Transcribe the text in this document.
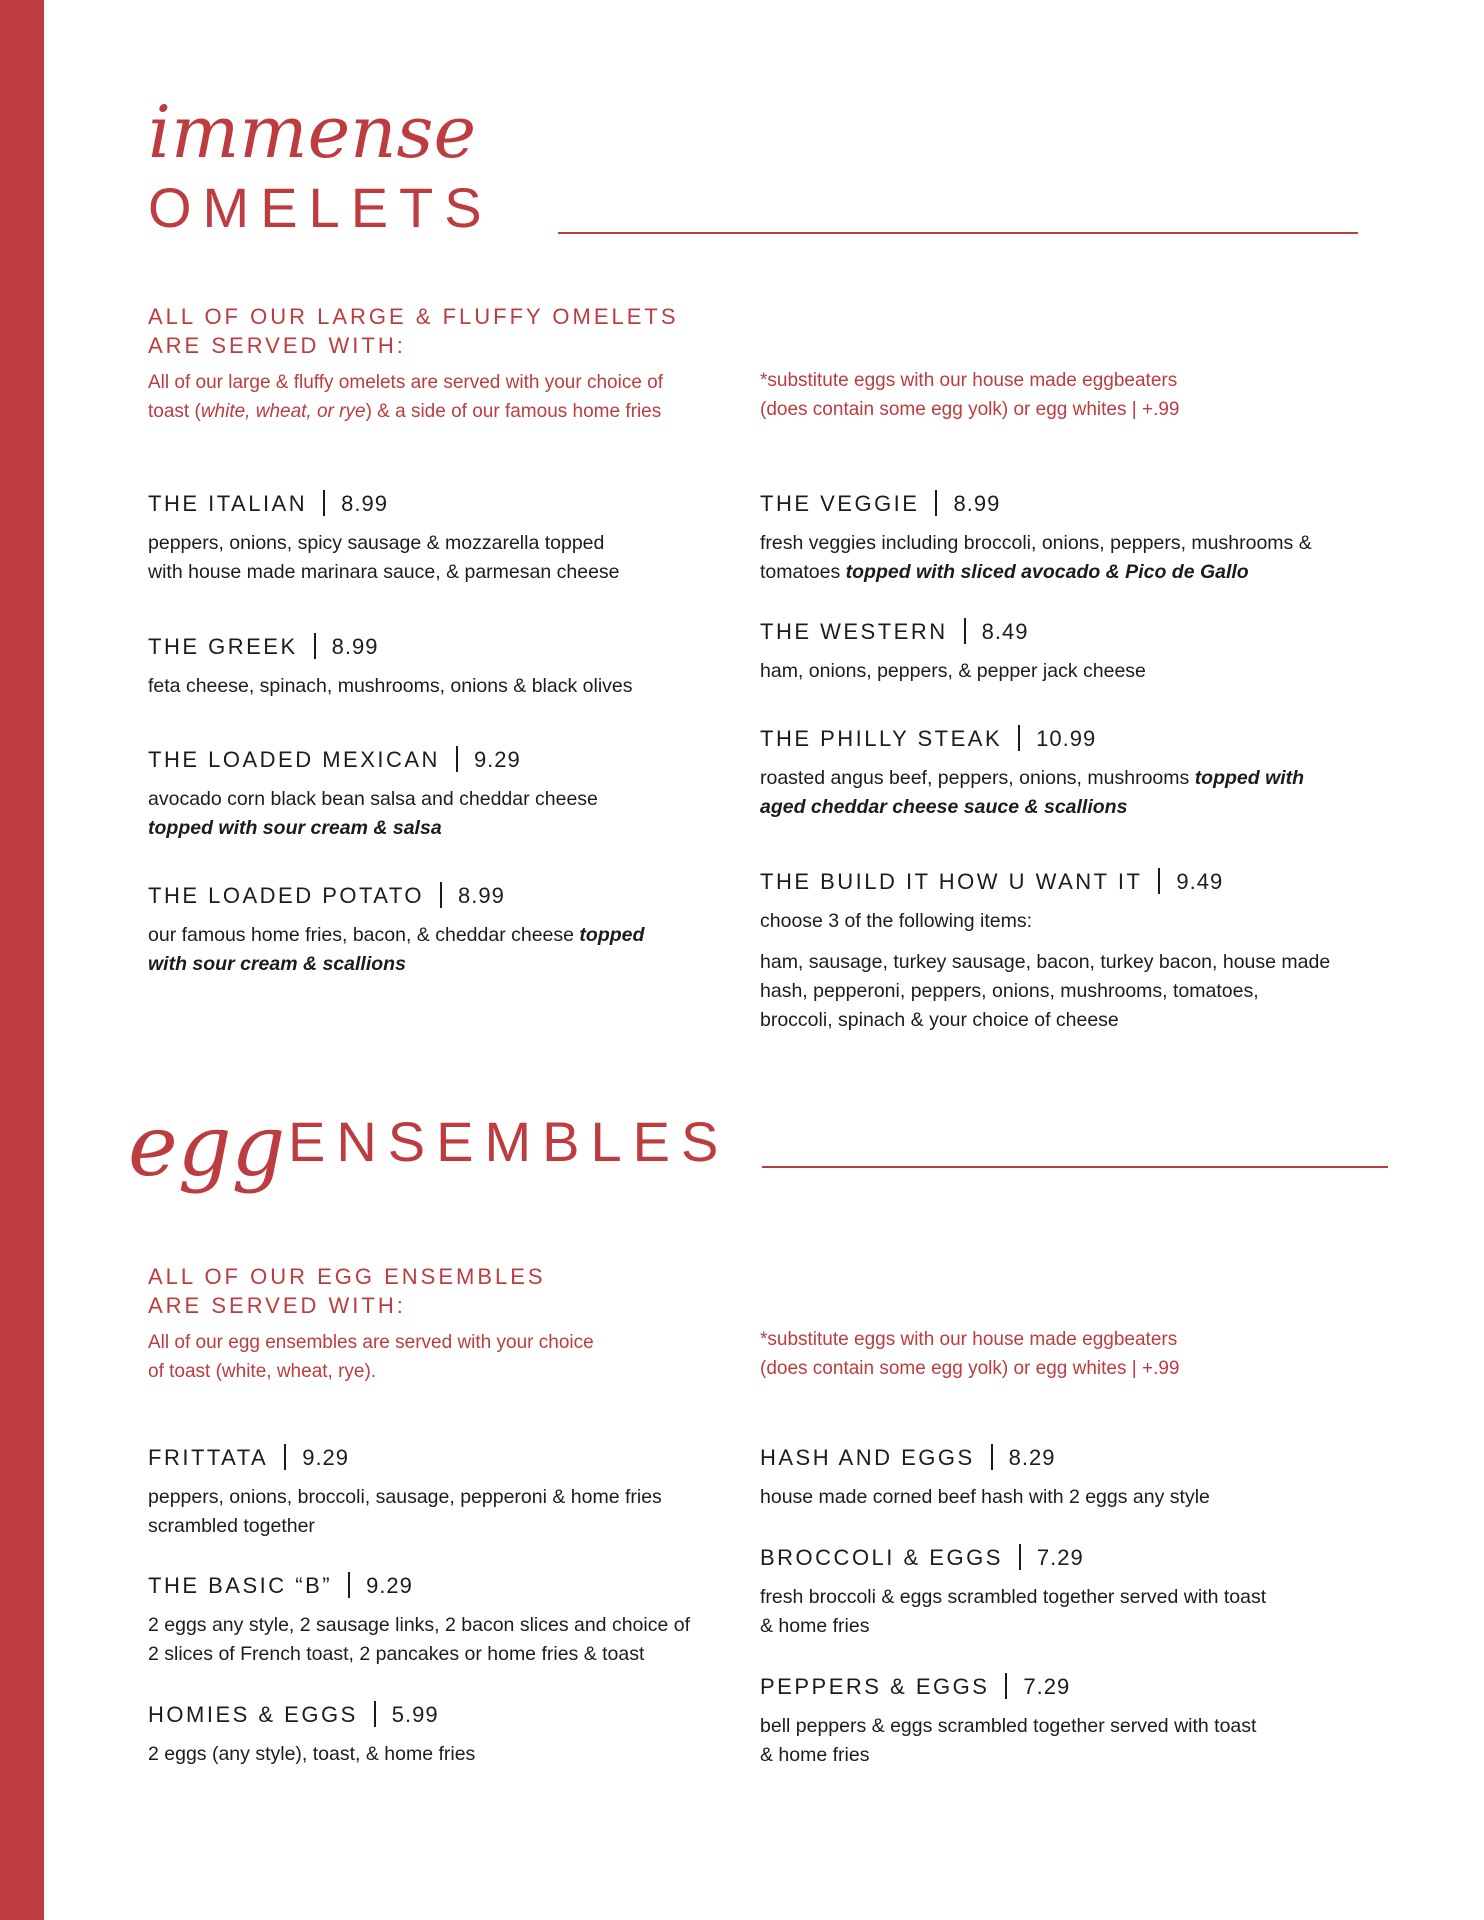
immense
OMELETS
ALL OF OUR LARGE & FLUFFY OMELETS
ARE SERVED WITH:
All of our large & fluffy omelets are served with your choice of
toast (white, wheat, or rye) & a side of our famous home fries
*substitute eggs with our house made eggbeaters
(does contain some egg yolk) or egg whites | +.99
THE ITALIAN 8.99
peppers, onions, spicy sausage & mozzarella topped
with house made marinara sauce, & parmesan cheese
THE GREEK 8.99
feta cheese, spinach, mushrooms, onions & black olives
THE LOADED MEXICAN 9.29
avocado corn black bean salsa and cheddar cheese
topped with sour cream & salsa
THE LOADED POTATO 8.99
our famous home fries, bacon, & cheddar cheese topped
with sour cream & scallions
THE VEGGIE 8.99
fresh veggies including broccoli, onions, peppers, mushrooms &
tomatoes topped with sliced avocado & Pico de Gallo
THE WESTERN 8.49
ham, onions, peppers, & pepper jack cheese
THE PHILLY STEAK 10.99
roasted angus beef, peppers, onions, mushrooms topped with
aged cheddar cheese sauce & scallions
THE BUILD IT HOW U WANT IT 9.49
choose 3 of the following items:
ham, sausage, turkey sausage, bacon, turkey bacon, house made
hash, pepperoni, peppers, onions, mushrooms, tomatoes,
broccoli, spinach & your choice of cheese
egg ENSEMBLES
ALL OF OUR EGG ENSEMBLES
ARE SERVED WITH:
All of our egg ensembles are served with your choice
of toast (white, wheat, rye).
*substitute eggs with our house made eggbeaters
(does contain some egg yolk) or egg whites | +.99
FRITTATA 9.29
peppers, onions, broccoli, sausage, pepperoni & home fries
scrambled together
THE BASIC “B” 9.29
2 eggs any style, 2 sausage links, 2 bacon slices and choice of
2 slices of French toast, 2 pancakes or home fries & toast
HOMIES & EGGS 5.99
2 eggs (any style), toast, & home fries
HASH AND EGGS 8.29
house made corned beef hash with 2 eggs any style
BROCCOLI & EGGS 7.29
fresh broccoli & eggs scrambled together served with toast
& home fries
PEPPERS & EGGS 7.29
bell peppers & eggs scrambled together served with toast
& home fries
